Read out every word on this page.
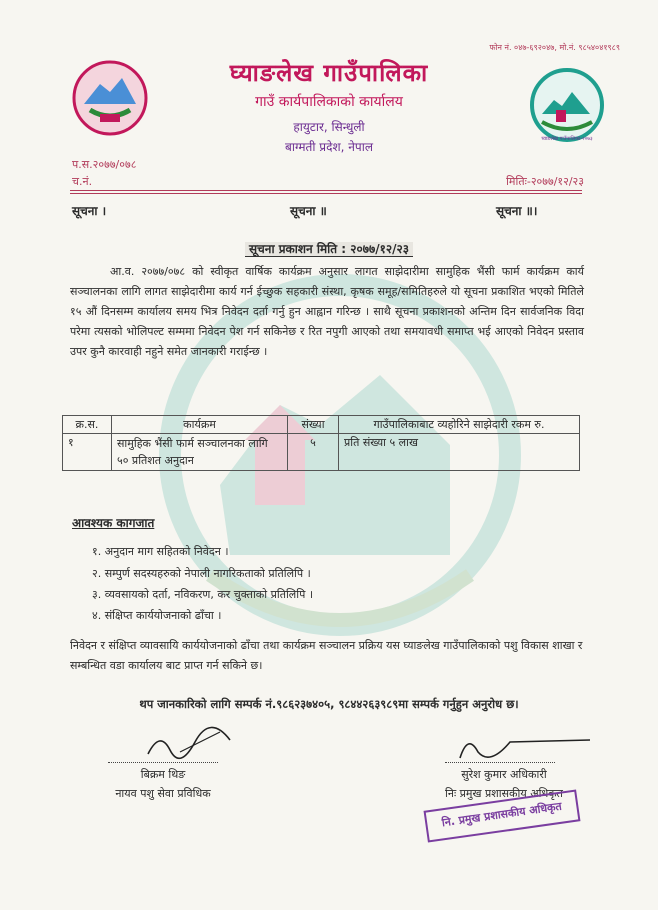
फोन नं. ०४७-६९२०४७, मो.नं. ९८५४०४१९८९
घ्याङलेख गाउँपालिका
गाउँ कार्यपालिकाको कार्यालय
हायुटार, सिन्धुली
बाग्मती प्रदेश, नेपाल
घ्याङलेख गाउँपालिका-२०७३
प.स.२०७७/०७८
च.नं.	मितिः-२०७७/१२/२३
सूचना ।	सूचना ॥	सूचना ॥।
सूचना प्रकाशन मिति : २०७७/१२/२३
आ.व. २०७७/०७८ को स्वीकृत वार्षिक कार्यक्रम अनुसार लागत साझेदारीमा सामुहिक भैंसी फार्म कार्यक्रम कार्य सञ्चालनका लागि लागत साझेदारीमा कार्य गर्न ईच्छुक सहकारी संस्था, कृषक समूह/समितिहरुले यो सूचना प्रकाशित भएको मितिले १५ औं दिनसम्म कार्यालय समय भित्र निवेदन दर्ता गर्नु हुन आह्वान गरिन्छ । साथै सूचना प्रकाशनको अन्तिम दिन सार्वजनिक विदा परेमा त्यसको भोलिपल्ट सम्ममा निवेदन पेश गर्न सकिनेछ र रित नपुगी आएको तथा समयावधी समाप्त भई आएको निवेदन प्रस्ताव उपर कुनै कारवाही नहुने समेत जानकारी गराईन्छ ।
क्र.स.	कार्यक्रम	संख्या	गाउँपालिकाबाट व्यहोरिने साझेदारी रकम रु.
१	सामुहिक भैंसी फार्म सञ्चालनका लागि ५० प्रतिशत अनुदान	५	प्रति संख्या ५ लाख
आवश्यक कागजात
१. अनुदान माग सहितको निवेदन ।
२. सम्पुर्ण सदस्यहरुको नेपाली नागरिकताको प्रतिलिपि ।
३. व्यवसायको दर्ता, नविकरण, कर चुक्ताको प्रतिलिपि ।
४. संक्षिप्त कार्ययोजनाको ढाँचा ।
निवेदन र संक्षिप्त व्यावसायि कार्ययोजनाको ढाँचा तथा कार्यक्रम सञ्चालन प्रक्रिय यस घ्याङलेख गाउँपालिकाको पशु विकास शाखा र सम्बन्धित वडा कार्यालय बाट प्राप्त गर्न सकिने छ।
थप जानकारिको लागि सम्पर्क नं.९८६२३७४०५, ९८४४२६३९८९मा सम्पर्क गर्नुहुन अनुरोध छ।
बिक्रम थिङ
नायव पशु सेवा प्रविधिक
सुरेश कुमार अधिकारी
निः प्रमुख प्रशासकीय अधिकृत
नि. प्रमुख प्रशासकीय अधिकृत
